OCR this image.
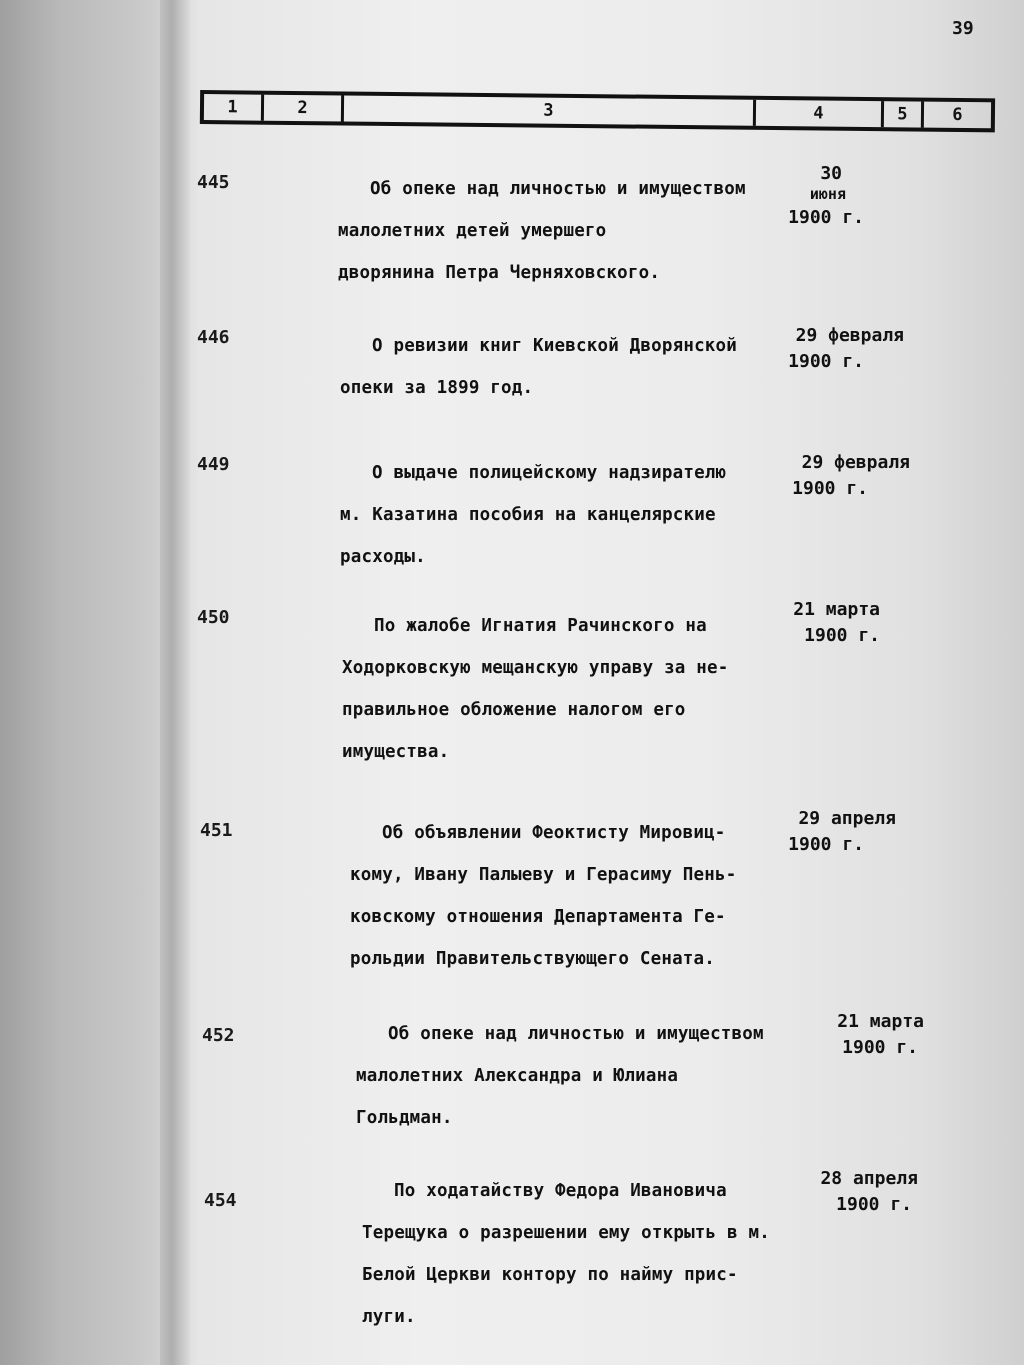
39
1	2	3	4	5	6
445	Об опеке над личностью и имуществом
малолетних детей умершего
дворянина Петра Черняховского.
30
июня
1900 г.
446	О ревизии книг Киевской Дворянской
опеки за 1899 год.
29 февраля
1900 г.
449	О выдаче полицейскому надзирателю
м. Казатина пособия на канцелярские
расходы.
29 февраля
1900 г.
450	По жалобе Игнатия Рачинского на
Ходорковскую мещанскую управу за не-
правильное обложение налогом его
имущества.
21 марта
1900 г.
451	Об объявлении Феоктисту Мировиц-
кому, Ивану Палыеву и Герасиму Пень-
ковскому отношения Департамента Ге-
рольдии Правительствующего Сената.
29 апреля
1900 г.
452	Об опеке над личностью и имуществом
малолетних Александра и Юлиана
Гольдман.
21 марта
1900 г.
454	По ходатайству Федора Ивановича
Терещука о разрешении ему открыть в м.
Белой Церкви контору по найму прис-
луги.
28 апреля
1900 г.
